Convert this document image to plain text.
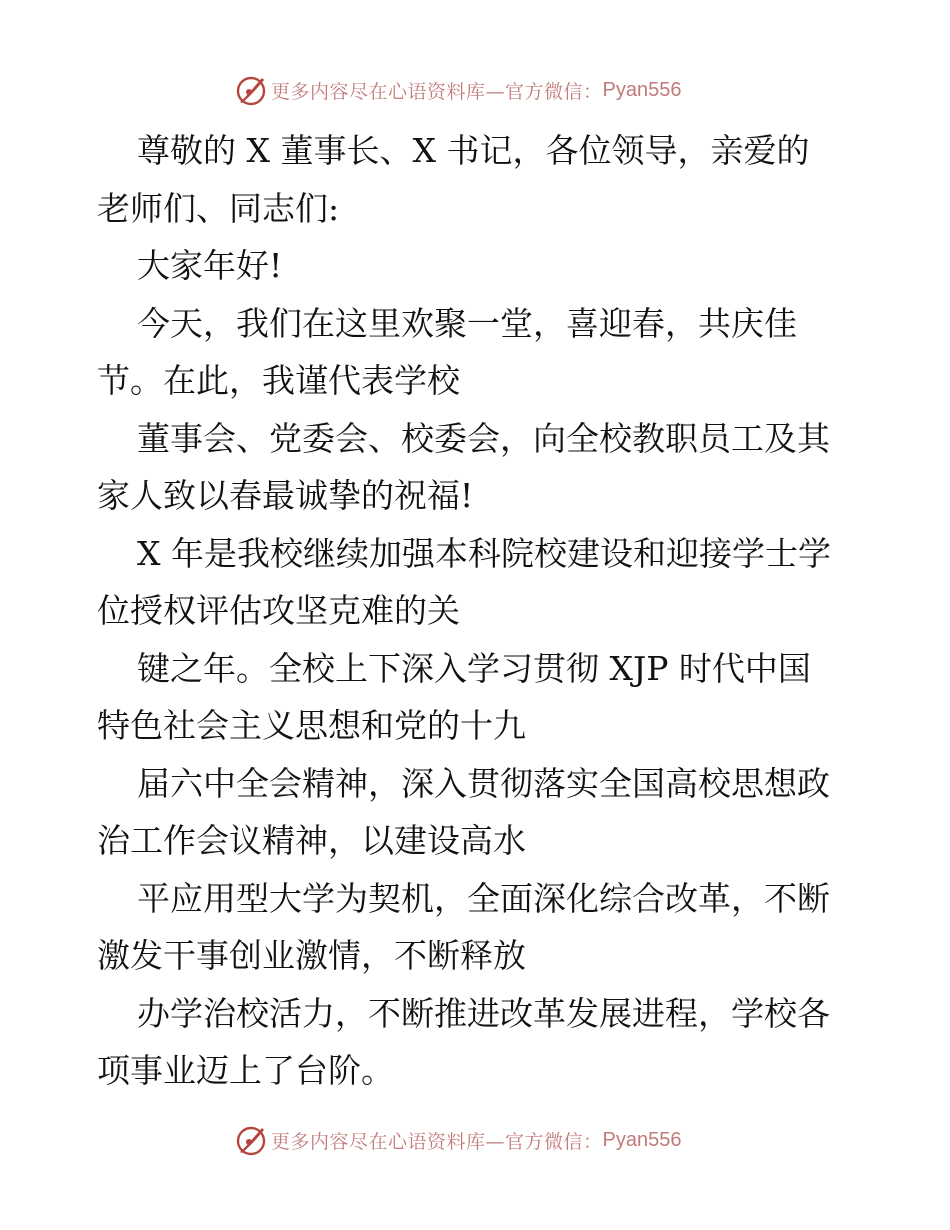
更多内容尽在心语资料库—官方微信： Pyan556
尊敬的 X 董事长、X 书记，各位领导，亲爱的
老师们、同志们:
大家年好!
今天，我们在这里欢聚一堂，喜迎春，共庆佳
节。在此，我谨代表学校
董事会、党委会、校委会，向全校教职员工及其
家人致以春最诚挚的祝福!
X 年是我校继续加强本科院校建设和迎接学士学
位授权评估攻坚克难的关
键之年。全校上下深入学习贯彻 XJP 时代中国
特色社会主义思想和党的十九
届六中全会精神，深入贯彻落实全国高校思想政
治工作会议精神，以建设高水
平应用型大学为契机，全面深化综合改革，不断
激发干事创业激情，不断释放
办学治校活力，不断推进改革发展进程，学校各
项事业迈上了台阶。
更多内容尽在心语资料库—官方微信： Pyan556
